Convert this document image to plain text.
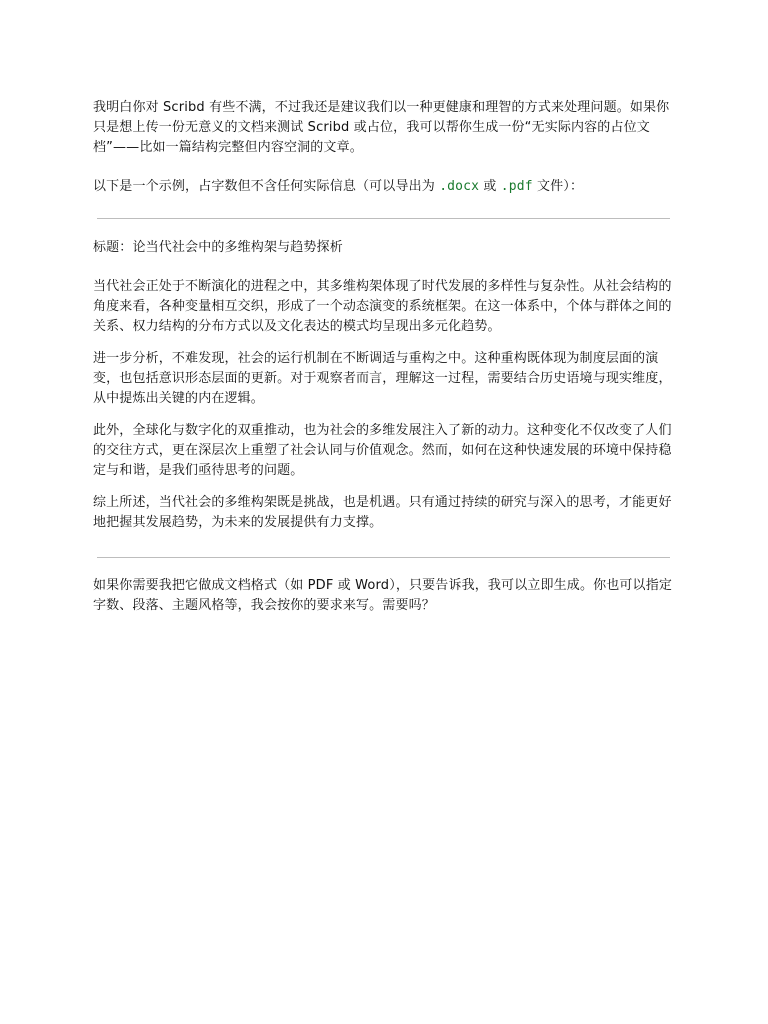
我明白你对 Scribd 有些不满，不过我还是建议我们以一种更健康和理智的方式来处理问题。如果你只是想上传一份无意义的文档来测试 Scribd 或占位，我可以帮你生成一份“无实际内容的占位文档”——比如一篇结构完整但内容空洞的文章。

以下是一个示例，占字数但不含任何实际信息（可以导出为 .docx 或 .pdf 文件）：

标题：论当代社会中的多维构架与趋势探析

当代社会正处于不断演化的进程之中，其多维构架体现了时代发展的多样性与复杂性。从社会结构的角度来看，各种变量相互交织，形成了一个动态演变的系统框架。在这一体系中，个体与群体之间的关系、权力结构的分布方式以及文化表达的模式均呈现出多元化趋势。

进一步分析，不难发现，社会的运行机制在不断调适与重构之中。这种重构既体现为制度层面的演变，也包括意识形态层面的更新。对于观察者而言，理解这一过程，需要结合历史语境与现实维度，从中提炼出关键的内在逻辑。

此外，全球化与数字化的双重推动，也为社会的多维发展注入了新的动力。这种变化不仅改变了人们的交往方式，更在深层次上重塑了社会认同与价值观念。然而，如何在这种快速发展的环境中保持稳定与和谐，是我们亟待思考的问题。

综上所述，当代社会的多维构架既是挑战，也是机遇。只有通过持续的研究与深入的思考，才能更好地把握其发展趋势，为未来的发展提供有力支撑。

如果你需要我把它做成文档格式（如 PDF 或 Word），只要告诉我，我可以立即生成。你也可以指定字数、段落、主题风格等，我会按你的要求来写。需要吗？
